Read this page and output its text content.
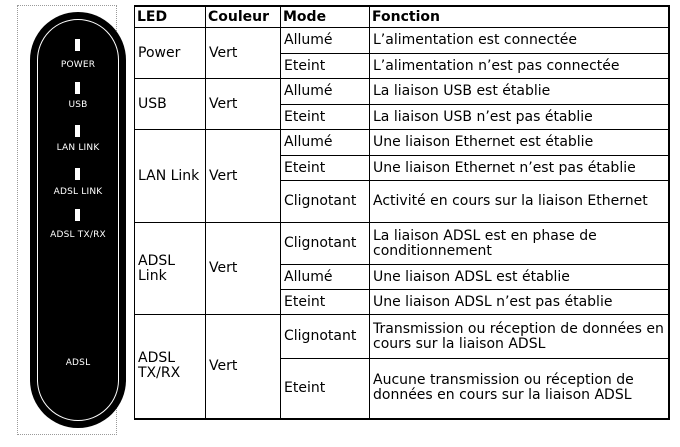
POWER
USB
LAN LINK
ADSL LINK
ADSL TX/RX
ADSL
LED	Couleur	Mode	Fonction
Power	Vert	Allumé	L’alimentation est connectée
		Eteint	L’alimentation n’est pas connectée
USB	Vert	Allumé	La liaison USB est établie
		Eteint	La liaison USB n’est pas établie
LAN Link	Vert	Allumé	Une liaison Ethernet est établie
		Eteint	Une liaison Ethernet n’est pas établie
		Clignotant	Activité en cours sur la liaison Ethernet
ADSL Link	Vert	Clignotant	La liaison ADSL est en phase de conditionnement
		Allumé	Une liaison ADSL est établie
		Eteint	Une liaison ADSL n’est pas établie
ADSL TX/RX	Vert	Clignotant	Transmission ou réception de données en cours sur la liaison ADSL
		Eteint	Aucune transmission ou réception de données en cours sur la liaison ADSL
